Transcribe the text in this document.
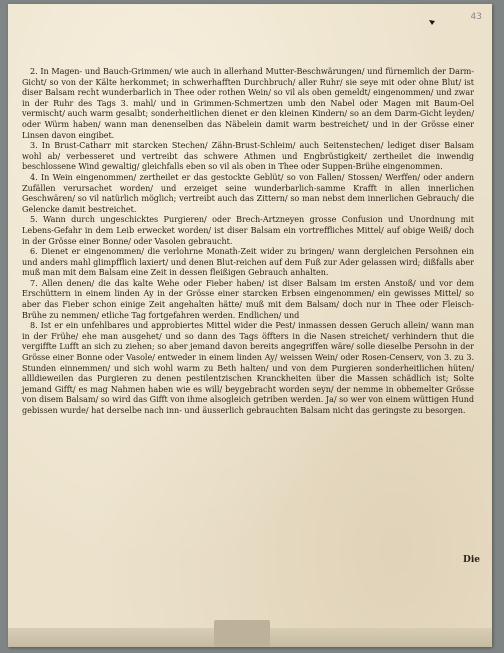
43

2. In Magen- und Bauch-Grimmen/ wie auch in allerhand Mutter-Beschwärungen/ und fürnemlich der Darm-Gicht/ so von der Kälte herkommet; in schwerhafften Durchbruch/ aller Ruhr/ sie seye mit oder ohne Blut/ ist diser Balsam recht wunderbarlich in Thee oder rothen Wein/ so vil als oben gemeldt/ eingenommen/ und zwar in der Ruhr des Tags 3. mahl/ und in Grimmen-Schmertzen umb den Nabel oder Magen mit Baum-Oel vermischt/ auch warm gesalbt; sonderheitlichen dienet er den kleinen Kindern/ so an dem Darm-Gicht leyden/ oder Würm haben/ wann man denenselben das Näbelein damit warm bestreichet/ und in der Grösse einer Linsen davon eingibet.

3. In Brust-Catharr mit starcken Stechen/ Zähn-Brust-Schleim/ auch Seitenstechen/ lediget diser Balsam wohl ab/ verbesseret und vertreibt das schwere Athmen und Engbrüstigkeit/ zertheilet die inwendig beschlossene Wind gewaltig/ gleichfalls eben so vil als oben in Thee oder Suppen-Brühe eingenommen.

4. In Wein eingenommen/ zertheilet er das gestockte Geblüt/ so von Fallen/ Stossen/ Werffen/ oder andern Zufällen verursachet worden/ und erzeiget seine wunderbarlich-samme Krafft in allen innerlichen Geschwären/ so vil natürlich möglich; vertreibt auch das Zittern/ so man nebst dem innerlichen Gebrauch/ die Gelencke damit bestreichet.

5. Wann durch ungeschicktes Purgieren/ oder Brech-Artzneyen grosse Confusion und Unordnung mit Lebens-Gefahr in dem Leib erwecket worden/ ist diser Balsam ein vortreffliches Mittel/ auf obige Weiß/ doch in der Grösse einer Bonne/ oder Vasolen gebraucht.

6. Dienet er eingenommen/ die verlohrne Monath-Zeit wider zu bringen/ wann dergleichen Persohnen ein und anders mahl glimpfflich laxiert/ und denen Blut-reichen auf dem Fuß zur Ader gelassen wird; dißfalls aber muß man mit dem Balsam eine Zeit in dessen fleißigen Gebrauch anhalten.

7. Allen denen/ die das kalte Wehe oder Fieber haben/ ist diser Balsam im ersten Anstoß/ und vor dem Erschüttern in einem linden Ay in der Grösse einer starcken Erbsen eingenommen/ ein gewisses Mittel/ so aber das Fieber schon einige Zeit angehalten hätte/ muß mit dem Balsam/ doch nur in Thee oder Fleisch-Brühe zu nemmen/ etliche Tag fortgefahren werden. Endlichen/ und

8. Ist er ein unfehlbares und approbiertes Mittel wider die Pest/ inmassen dessen Geruch allein/ wann man in der Frühe/ ehe man ausgehet/ und so dann des Tags öffters in die Nasen streichet/ verhindern thut die vergiffte Lufft an sich zu ziehen; so aber jemand davon bereits angegriffen wäre/ solle dieselbe Persohn in der Grösse einer Bonne oder Vasole/ entweder in einem linden Ay/ weissen Wein/ oder Rosen-Censerv, von 3. zu 3. Stunden einnemmen/ und sich wohl warm zu Beth halten/ und von dem Purgieren sonderheitlichen hüten/ allldieweilen das Purgieren zu denen pestilentzischen Kranckheiten über die Massen schädlich ist; Solte jemand Gifft/ es mag Nahmen haben wie es will/ beygebracht worden seyn/ der nemme in obbemelter Grösse von disem Balsam/ so wird das Gifft von ihme alsogleich getriben werden. Ja/ so wer von einem wüttigen Hund gebissen wurde/ hat derselbe nach inn- und äusserlich gebrauchten Balsam nicht das geringste zu besorgen.

Die
